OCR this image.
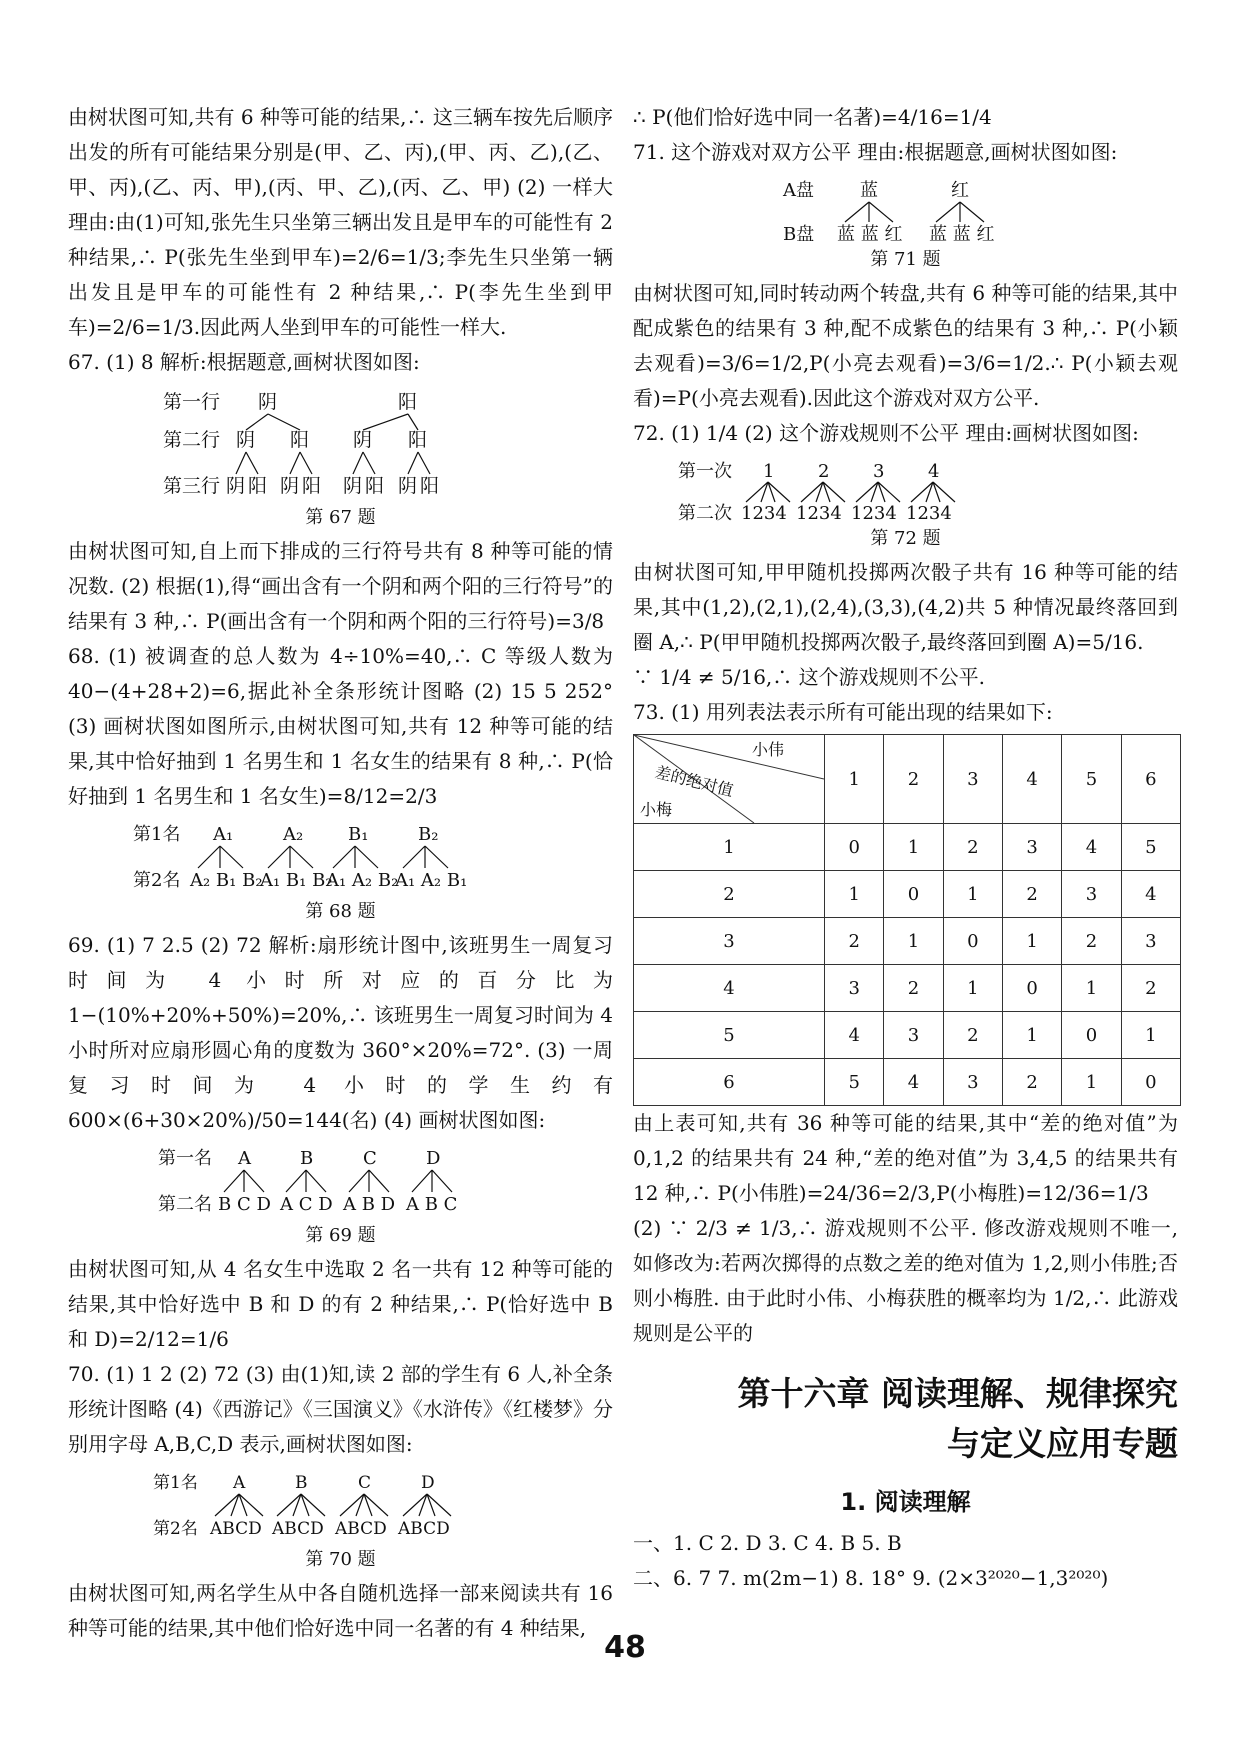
由树状图可知,共有 6 种等可能的结果,∴ 这三辆车按先后顺序出发的所有可能结果分别是(甲、乙、丙),(甲、丙、乙),(乙、甲、丙),(乙、丙、甲),(丙、甲、乙),(丙、乙、甲) (2) 一样大 理由:由(1)可知,张先生只坐第三辆出发且是甲车的可能性有 2 种结果,∴ P(张先生坐到甲车)=2/6=1/3;李先生只坐第一辆出发且是甲车的可能性有 2 种结果,∴ P(李先生坐到甲车)=2/6=1/3.因此两人坐到甲车的可能性一样大.

67. (1) 8 解析:根据题意,画树状图如图:

第一行
第二行
第三行
阴	阳
阴 阳 阴 阳
阴 阳 阴 阳 阴 阳 阴 阳
第 67 题

由树状图可知,自上而下排成的三行符号共有 8 种等可能的情况数. (2) 根据(1),得“画出含有一个阴和两个阳的三行符号”的结果有 3 种,∴ P(画出含有一个阴和两个阳的三行符号)=3/8

68. (1) 被调查的总人数为 4÷10%=40,∴ C 等级人数为 40−(4+28+2)=6,据此补全条形统计图略 (2) 15 5 252° (3) 画树状图如图所示,由树状图可知,共有 12 种等可能的结果,其中恰好抽到 1 名男生和 1 名女生的结果有 8 种,∴ P(恰好抽到 1 名男生和 1 名女生)=8/12=2/3

第1名
第2名
A₁	A₂ B₁	B₂
A₂ B₁ B₂
A₁ B₁ B₂
A₁ A₂ B₂
A₁ A₂ B₁
第 68 题

69. (1) 7 2.5 (2) 72 解析:扇形统计图中,该班男生一周复习时间为 4 小时所对应的百分比为 1−(10%+20%+50%)=20%,∴ 该班男生一周复习时间为 4 小时所对应扇形圆心角的度数为 360°×20%=72°. (3) 一周复习时间为 4 小时的学生约有 600×(6+30×20%)/50=144(名) (4) 画树状图如图:

第一名
第二名
A	B	C	D
B C D A C D A B D A B C
第 69 题

由树状图可知,从 4 名女生中选取 2 名一共有 12 种等可能的结果,其中恰好选中 B 和 D 的有 2 种结果,∴ P(恰好选中 B 和 D)=2/12=1/6

70. (1) 1 2 (2) 72 (3) 由(1)知,读 2 部的学生有 6 人,补全条形统计图略 (4)《西游记》《三国演义》《水浒传》《红楼梦》分别用字母 A,B,C,D 表示,画树状图如图:

第1名
第2名
A	B	C	D
ABCD ABCD ABCD ABCD
第 70 题

由树状图可知,两名学生从中各自随机选择一部来阅读共有 16 种等可能的结果,其中他们恰好选中同一名著的有 4 种结果,

∴ P(他们恰好选中同一名著)=4/16=1/4

71. 这个游戏对双方公平 理由:根据题意,画树状图如图:

A盘
B盘
蓝	红
蓝 蓝 红 蓝 蓝 红
第 71 题

由树状图可知,同时转动两个转盘,共有 6 种等可能的结果,其中配成紫色的结果有 3 种,配不成紫色的结果有 3 种,∴ P(小颖去观看)=3/6=1/2,P(小亮去观看)=3/6=1/2.∴ P(小颖去观看)=P(小亮去观看).因此这个游戏对双方公平.

72. (1) 1/4 (2) 这个游戏规则不公平 理由:画树状图如图:

第一次
第二次
1 2 3 4
1234 1234 1234 1234
第 72 题

由树状图可知,甲甲随机投掷两次骰子共有 16 种等可能的结果,其中(1,2),(2,1),(2,4),(3,3),(4,2)共 5 种情况最终落回到圈 A,∴ P(甲甲随机投掷两次骰子,最终落回到圈 A)=5/16.

∵ 1/4 ≠ 5/16,∴ 这个游戏规则不公平.

73. (1) 用列表法表示所有可能出现的结果如下:

小伟
差的绝对值
小梅	1	2	3	4	5	6
1	0	1	2	3	4	5
2	1	0	1	2	3	4
3	2	1	0	1	2	3
4	3	2	1	0	1	2
5	4	3	2	1	0	1
6	5	4	3	2	1	0

由上表可知,共有 36 种等可能的结果,其中“差的绝对值”为 0,1,2 的结果共有 24 种,“差的绝对值”为 3,4,5 的结果共有 12 种,∴ P(小伟胜)=24/36=2/3,P(小梅胜)=12/36=1/3

(2) ∵ 2/3 ≠ 1/3,∴ 游戏规则不公平. 修改游戏规则不唯一,如修改为:若两次掷得的点数之差的绝对值为 1,2,则小伟胜;否则小梅胜. 由于此时小伟、小梅获胜的概率均为 1/2,∴ 此游戏规则是公平的

第十六章 阅读理解、规律探究
与定义应用专题
1. 阅读理解

一、1. C 2. D 3. C 4. B 5. B

二、6. 7 7. m(2m−1) 8. 18° 9. (2×3²⁰²⁰−1,3²⁰²⁰)

48
